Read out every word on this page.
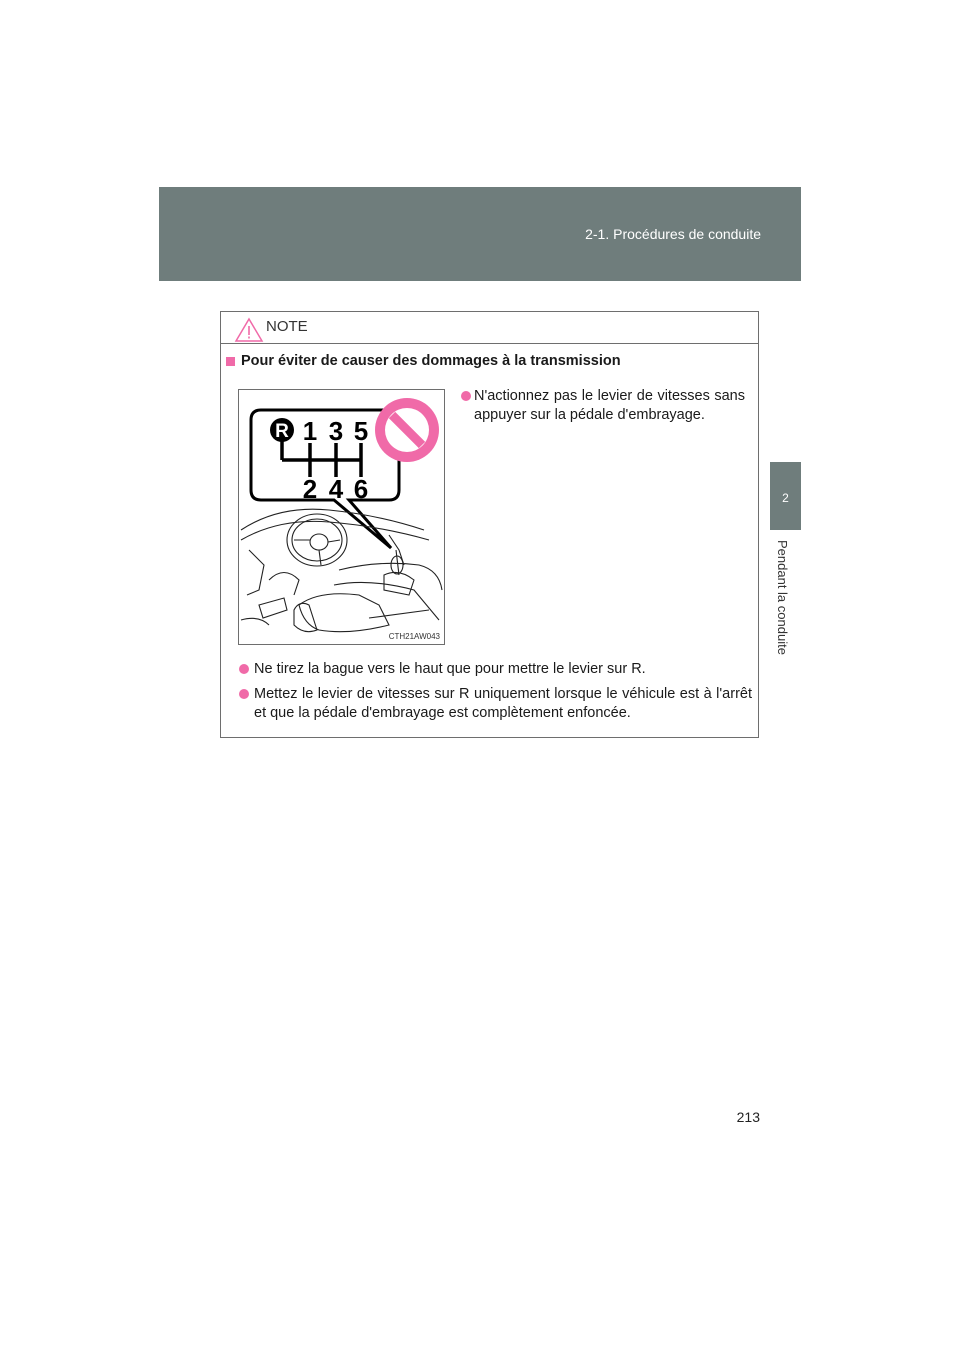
2-1. Procédures de conduite
2
Pendant la conduite
NOTE
Pour éviter de causer des dommages à la transmission
R 1 3 5
2 4 6
CTH21AW043
N'actionnez pas le levier de vitesses sans appuyer sur la pédale d'embrayage.
Ne tirez la bague vers le haut que pour mettre le levier sur R.
Mettez le levier de vitesses sur R uniquement lorsque le véhicule est à l'arrêt et que la pédale d'embrayage est complètement enfoncée.
213
